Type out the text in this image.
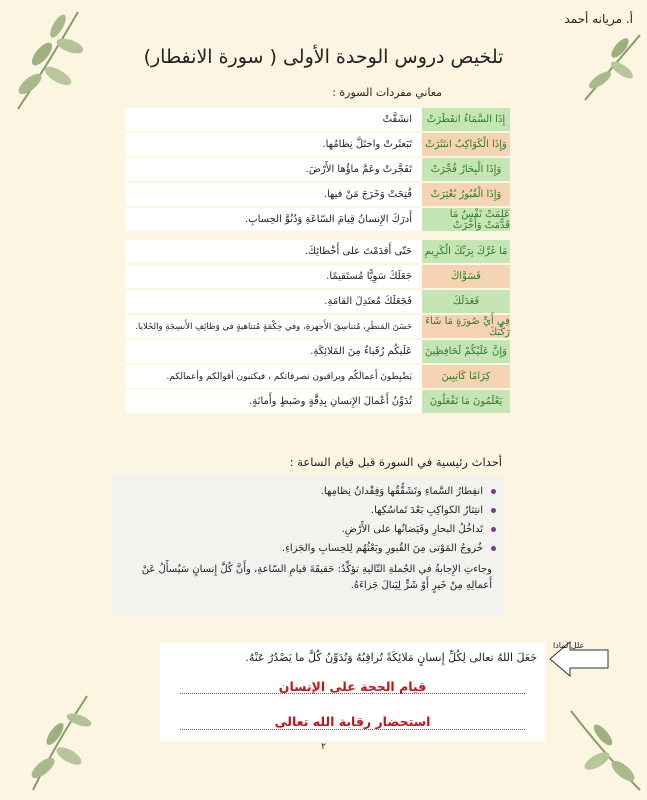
أ. مريانه أحمد
تلخيص دروس الوحدة الأولى ( سورة الانفطار)
معاني مفردات السورة :
إِذَا السَّمَاءُ انفَطَرَتْ
انشَقَّتْ
وَإِذَا الْكَوَاكِبُ انتَثَرَتْ
تَبَعثَرتْ واختَلَّ نِظامُها.
وَإِذَا الْبِحَارُ فُجِّرَتْ
تَفَجَّرتْ وعَمَّ ماؤُها الأَرْضَ.
وَإِذَا الْقُبُورُ بُعْثِرَتْ
فُتِحَتْ وَخَرَجَ مَنْ فيها.
عَلِمَتْ نَفْسٌ مَا قَدَّمَتْ وَأَخَّرَتْ
أَدرَكَ الإِنسانُ قِيامَ السّاعَةِ وَدُنُوَّ الحِسابِ.
مَا غَرَّكَ بِرَبِّكَ الْكَرِيمِ
حَتّى أَقدَمْتَ على أَخْطائِكَ.
فَسَوَّاكَ
جَعَلَكَ سَوِيًّا مُستَقيمًا.
فَعَدَلَكَ
فَجَعَلَكَ مُعتَدِلَ القامَةِ.
فِي أَيِّ صُورَةٍ مَا شَاءَ رَكَّبَكَ
حَسَنَ المَنظَرِ، مُتناسِقَ الأَجهزةِ، وفي حِكْمَةٍ مُتناهيةٍ في وَظائِفِ الأَنسِجَةِ والخَلايا.
وَإِنَّ عَلَيْكُمْ لَحَافِظِينَ
عَلَيكُم رُقَباءُ مِنَ المَلائِكَةِ.
كِرَامًا كَاتِبِينَ
يَضْبِطونَ أَعمالَكُم ويراقبون تصرفاتكم ، فيكتبون أقوالكم وأعمالكم.
يَعْلَمُونَ مَا تَفْعَلُونَ
تُدَوِّنُ أَعْمالَ الإِنسانِ بِدِقَّةٍ وضَبطٍ وأَمانَةٍ.
أحداث رئيسية في السورة قبل قيام الساعة :
انفِطارُ السَّماءِ وتَشَقُّقُها وَفِقْدانُ نِظامِها.
انتِثارُ الكواكِبِ بَعْدَ تَماسُكِها.
تَداخُلُ البحارِ وفَيَضانُها على الأَرْضِ.
خُروجُ المَوْتى مِنَ القُبورِ وبَعْثُهُم لِلحِسابِ والجَزاءِ.
وجاءتِ الإِجابةُ في الجُملةِ التّاليةِ تؤكِّدُ: حَقيقَةَ قيامِ السّاعةِ، وأَنَّ كُلَّ إِنسانٍ سَيُسأَلُ عَنْ أَعمالِهِ مِنْ خَيرٍ أَوْ شَرٍّ لِيَنالَ جَزاءَهُ.
جَعَلَ اللهُ تعالى لِكُلِّ إِنسانٍ مَلائِكَةً تُراقِبُهُ وَتُدَوِّنُ كُلَّ ما يَصْدُرُ عَنْهُ.
قيام الحجة على الإنسان
استحضار رقابة الله تعالى
علل لماذا
٢
